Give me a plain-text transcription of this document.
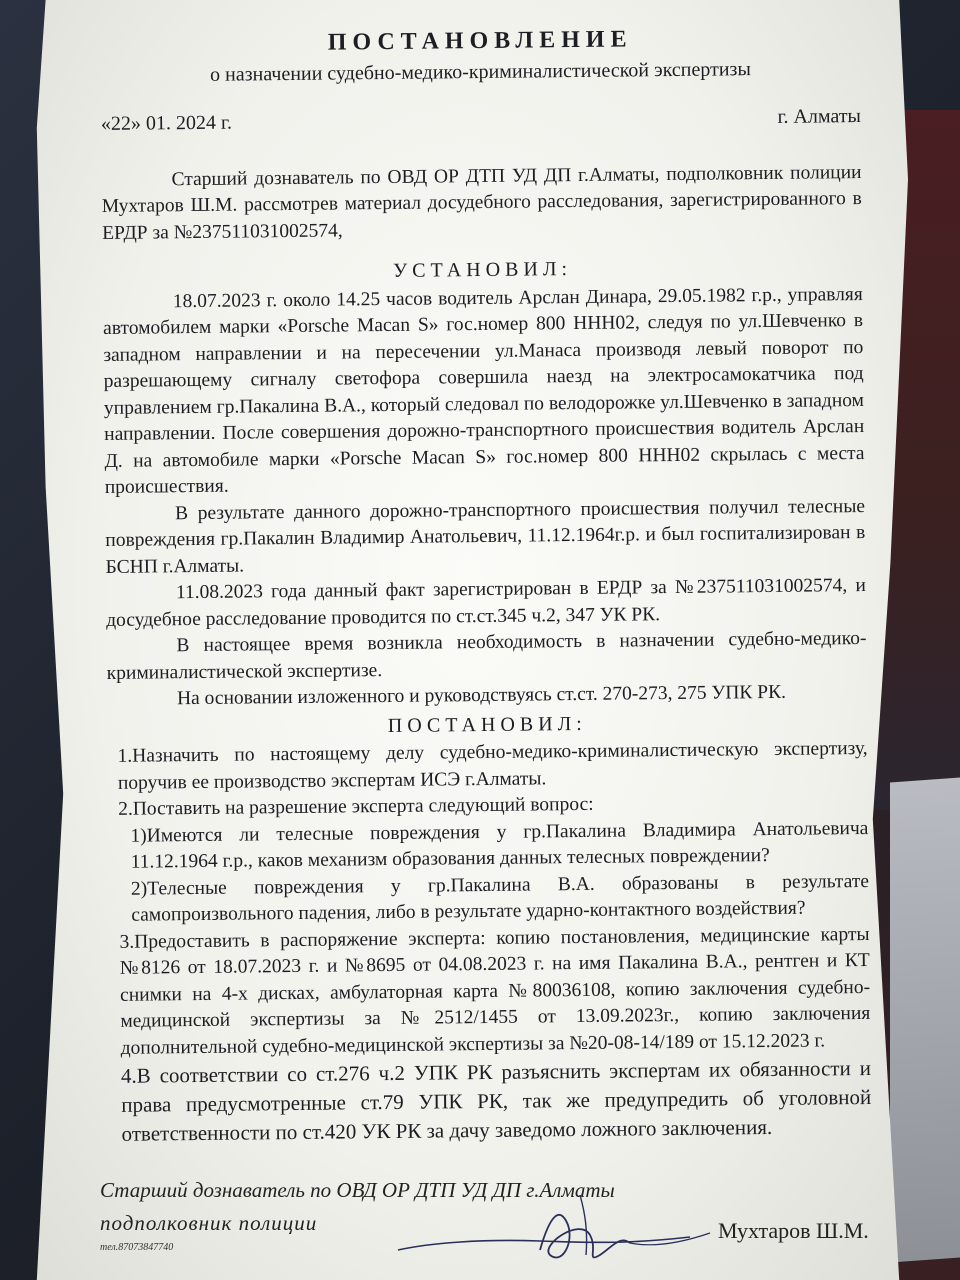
ПОСТАНОВЛЕНИЕ
о назначении судебно-медико-криминалистической экспертизы
«22» 01. 2024 г.	г. Алматы

Старший дознаватель по ОВД ОР ДТП УД ДП г.Алматы, подполковник полиции Мухтаров Ш.М. рассмотрев материал досудебного расследования, зарегистрированного в ЕРДР за №237511031002574,

УСТАНОВИЛ:

18.07.2023 г. около 14.25 часов водитель Арслан Динара, 29.05.1982 г.р., управляя автомобилем марки «Porsche Macan S» гос.номер 800 HHH02, следуя по ул.Шевченко в западном направлении и на пересечении ул.Манаса производя левый поворот по разрешающему сигналу светофора совершила наезд на электросамокатчика под управлением гр.Пакалина В.А., который следовал по велодорожке ул.Шевченко в западном направлении. После совершения дорожно-транспортного происшествия водитель Арслан Д. на автомобиле марки «Porsche Macan S» гос.номер 800 HHH02 скрылась с места происшествия.

В результате данного дорожно-транспортного происшествия получил телесные повреждения гр.Пакалин Владимир Анатольевич, 11.12.1964г.р. и был госпитализирован в БСНП г.Алматы.

11.08.2023 года данный факт зарегистрирован в ЕРДР за №237511031002574, и досудебное расследование проводится по ст.ст.345 ч.2, 347 УК РК.

В настоящее время возникла необходимость в назначении судебно-медико-криминалистической экспертизе.

На основании изложенного и руководствуясь ст.ст. 270-273, 275 УПК РК.

ПОСТАНОВИЛ:

1.Назначить по настоящему делу судебно-медико-криминалистическую экспертизу, поручив ее производство экспертам ИСЭ г.Алматы.

2.Поставить на разрешение эксперта следующий вопрос:

1)Имеются ли телесные повреждения у гр.Пакалина Владимира Анатольевича 11.12.1964 г.р., каков механизм образования данных телесных повреждении?

2)Телесные повреждения у гр.Пакалина В.А. образованы в результате самопроизвольного падения, либо в результате ударно-контактного воздействия?

3.Предоставить в распоряжение эксперта: копию постановления, медицинские карты №8126 от 18.07.2023 г. и №8695 от 04.08.2023 г. на имя Пакалина В.А., рентген и КТ снимки на 4-х дисках, амбулаторная карта №80036108, копию заключения судебно-медицинской экспертизы за №2512/1455 от 13.09.2023г., копию заключения дополнительной судебно-медицинской экспертизы за №20-08-14/189 от 15.12.2023 г.

4.В соответствии со ст.276 ч.2 УПК РК разъяснить экспертам их обязанности и права предусмотренные ст.79 УПК РК, так же предупредить об уголовной ответственности по ст.420 УК РК за дачу заведомо ложного заключения.

Старший дознаватель по ОВД ОР ДТП УД ДП г.Алматы
подполковник полиции
тел.87073847740
Мухтаров Ш.М.
